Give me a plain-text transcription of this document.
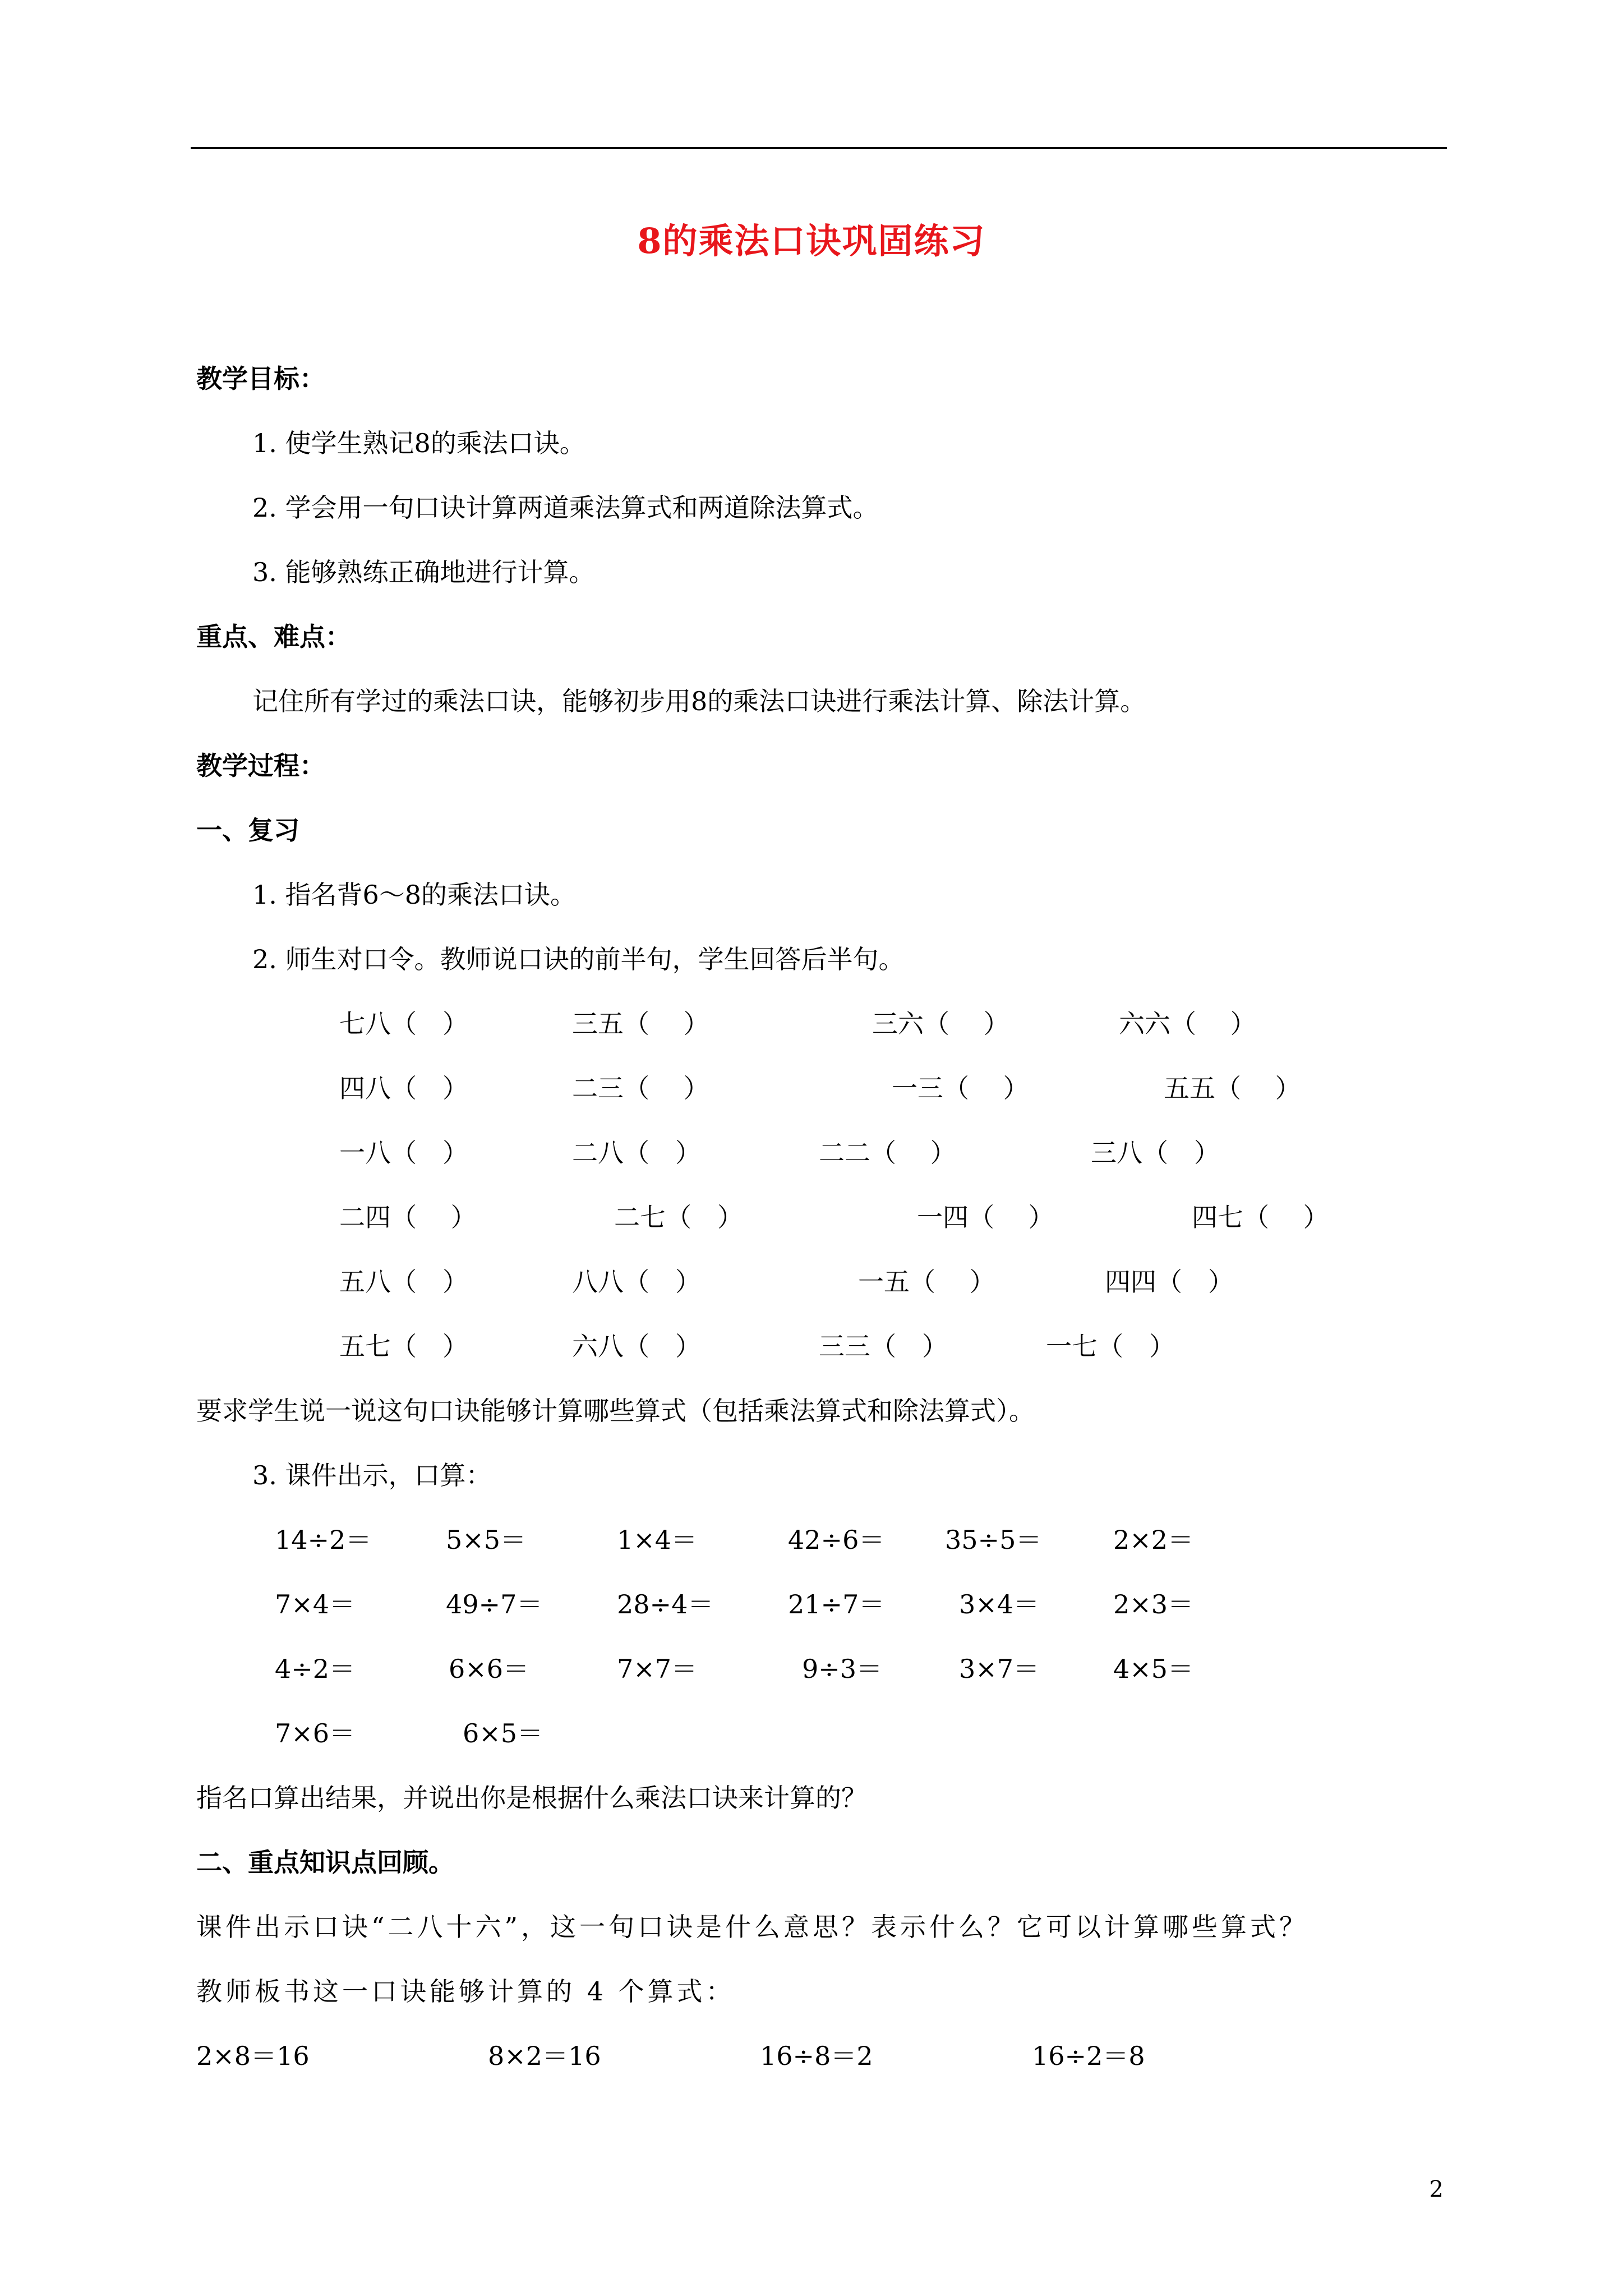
8的乘法口诀巩固练习
教学目标：
1. 使学生熟记8的乘法口诀。
2. 学会用一句口诀计算两道乘法算式和两道除法算式。
3. 能够熟练正确地进行计算。
重点、难点：
记住所有学过的乘法口诀，能够初步用8的乘法口诀进行乘法计算、除法计算。
教学过程：
一、复习
1. 指名背6～8的乘法口诀。
2. 师生对口令。教师说口诀的前半句，学生回答后半句。
七八（　）	三五（　 ）	三六（　 ）	六六（　 ）
四八（　）	二三（　 ）	一三（　 ）	五五（　 ）
一八（　）	二八（　）	二二（　 ）	三八（　）
二四（　 ）	二七（　）	一四（　 ）	四七（　 ）
五八（　）	八八（　）	一五（　 ）	四四（　）
五七（　）	六八（　）	三三（　）	一七（　）
要求学生说一说这句口诀能够计算哪些算式（包括乘法算式和除法算式）。
3. 课件出示，口算：
14÷2＝	5×5＝	1×4＝	42÷6＝ 35÷5＝	2×2＝
7×4＝	49÷7＝	28÷4＝	21÷7＝	3×4＝	2×3＝
4÷2＝	6×6＝	7×7＝	9÷3＝	3×7＝	4×5＝
7×6＝	6×5＝
指名口算出结果，并说出你是根据什么乘法口诀来计算的？
二、重点知识点回顾。
课件出示口诀“二八十六”，这一句口诀是什么意思？表示什么？它可以计算哪些算式？
教师板书这一口诀能够计算的 4 个算式：
2×8＝16	8×2＝16	16÷8＝2	16÷2＝8
2
